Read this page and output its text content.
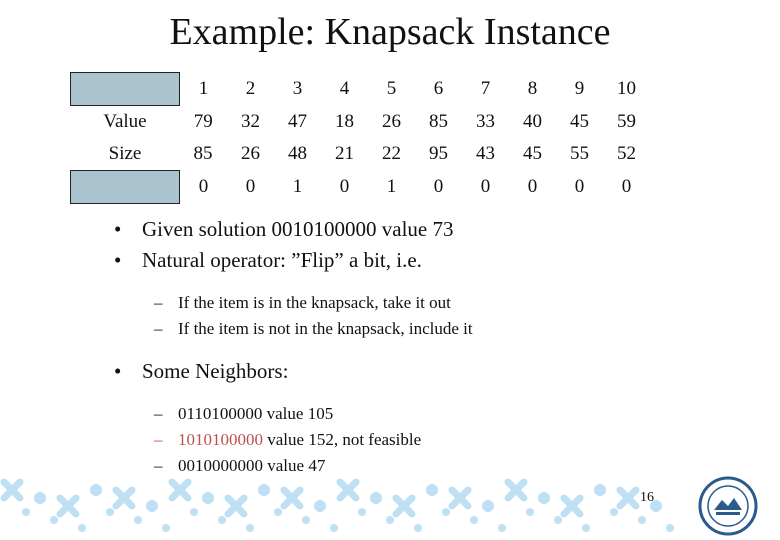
Example: Knapsack Instance
	1	2	3	4	5	6	7	8	9	10
Value	79	32	47	18	26	85	33	40	45	59
Size	85	26	48	21	22	95	43	45	55	52
	0	0	1	0	1	0	0	0	0	0
• Given solution 0010100000 value 73
• Natural operator: ”Flip” a bit, i.e.
– If the item is in the knapsack, take it out
– If the item is not in the knapsack, include it
• Some Neighbors:
– 0110100000 value 105
– 1010100000 value 152, not feasible
– 0010000000 value 47
16
